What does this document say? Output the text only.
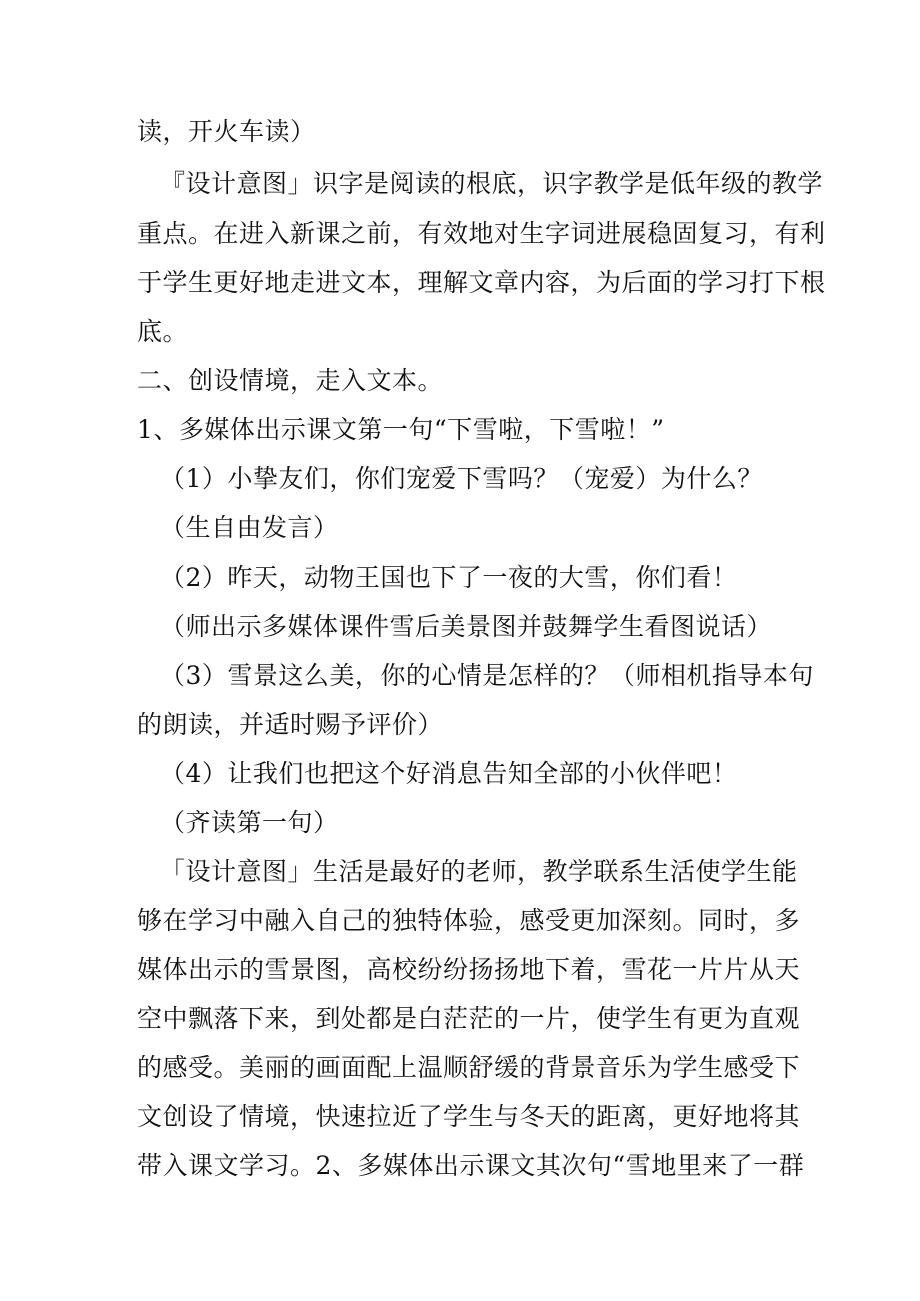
读，开火车读）
『设计意图」识字是阅读的根底，识字教学是低年级的教学
重点。在进入新课之前，有效地对生字词进展稳固复习，有利
于学生更好地走进文本，理解文章内容，为后面的学习打下根
底。
二、创设情境，走入文本。
1、多媒体出示课文第一句“下雪啦，下雪啦！”
（1）小挚友们，你们宠爱下雪吗？（宠爱）为什么？
（生自由发言）
（2）昨天，动物王国也下了一夜的大雪，你们看！
（师出示多媒体课件雪后美景图并鼓舞学生看图说话）
（3）雪景这么美，你的心情是怎样的？（师相机指导本句
的朗读，并适时赐予评价）
（4）让我们也把这个好消息告知全部的小伙伴吧！
（齐读第一句）
「设计意图」生活是最好的老师，教学联系生活使学生能
够在学习中融入自己的独特体验，感受更加深刻。同时，多
媒体出示的雪景图，高校纷纷扬扬地下着，雪花一片片从天
空中飘落下来，到处都是白茫茫的一片，使学生有更为直观
的感受。美丽的画面配上温顺舒缓的背景音乐为学生感受下
文创设了情境，快速拉近了学生与冬天的距离，更好地将其
带入课文学习。2、多媒体出示课文其次句“雪地里来了一群
